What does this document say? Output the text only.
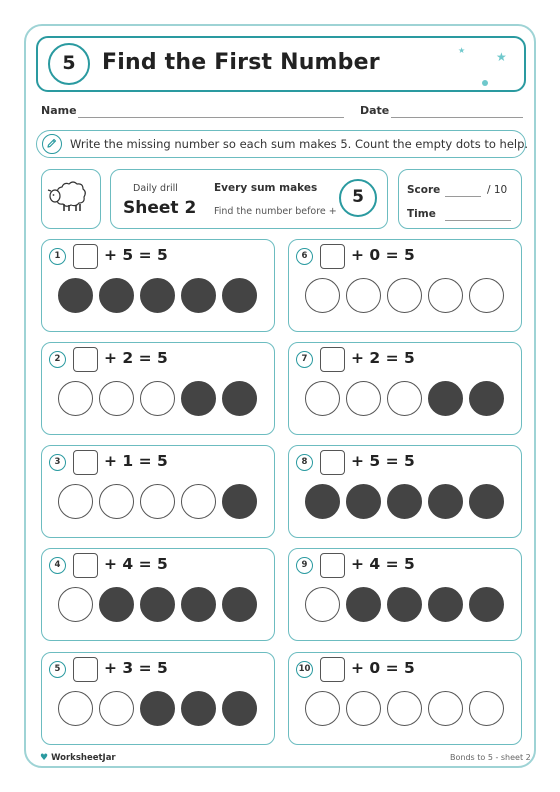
5	Find the First Number	★	★
Name	Date
Write the missing number so each sum makes 5. Count the empty dots to help.
Daily drill
Sheet 2
Every sum makes
Find the number before +
5	Score	/ 10
Time
1	+ 5 = 5
2	+ 2 = 5
3	+ 1 = 5
4	+ 4 = 5
5	+ 3 = 5
6	+ 0 = 5
7	+ 2 = 5
8	+ 5 = 5
9	+ 4 = 5
10	+ 0 = 5
♥ WorksheetJar	Bonds to 5 - sheet 2
